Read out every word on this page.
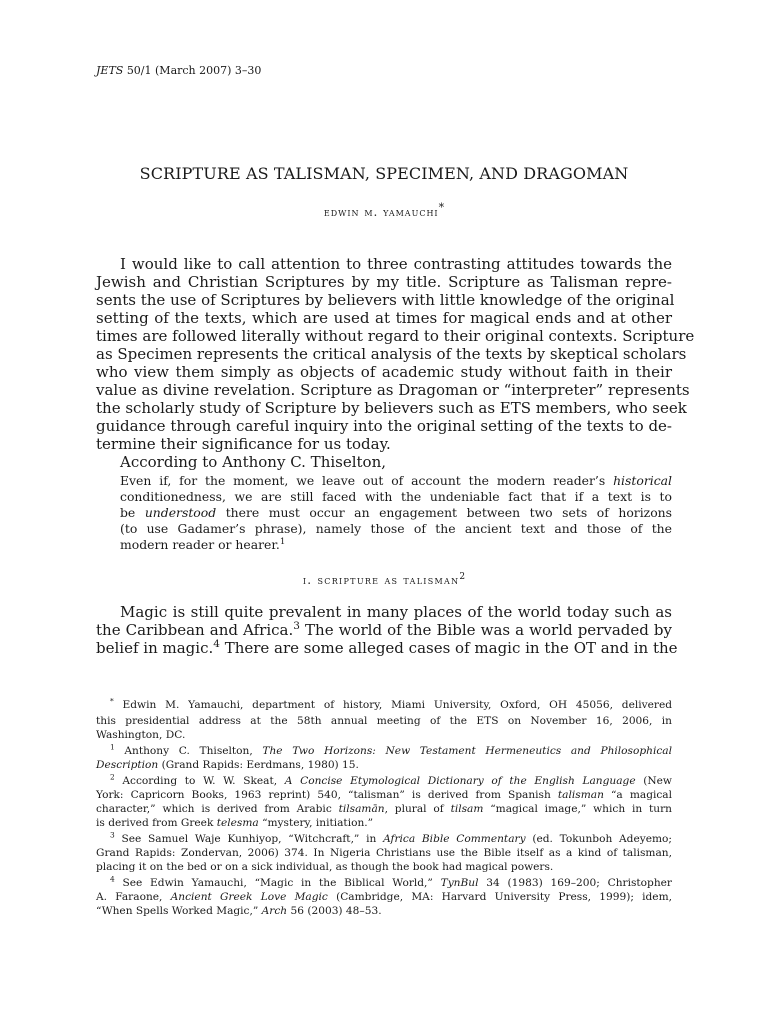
JETS 50/1 (March 2007) 3–30
SCRIPTURE AS TALISMAN, SPECIMEN, AND DRAGOMAN
edwin m. yamauchi*
I would like to call attention to three contrasting attitudes towards the
Jewish and Christian Scriptures by my title. Scripture as Talisman repre-
sents the use of Scriptures by believers with little knowledge of the original
setting of the texts, which are used at times for magical ends and at other
times are followed literally without regard to their original contexts. Scripture
as Specimen represents the critical analysis of the texts by skeptical scholars
who view them simply as objects of academic study without faith in their
value as divine revelation. Scripture as Dragoman or “interpreter” represents
the scholarly study of Scripture by believers such as ETS members, who seek
guidance through careful inquiry into the original setting of the texts to de-
termine their significance for us today.
According to Anthony C. Thiselton,
Even if, for the moment, we leave out of account the modern reader’s historical
conditionedness, we are still faced with the undeniable fact that if a text is to
be understood there must occur an engagement between two sets of horizons
(to use Gadamer’s phrase), namely those of the ancient text and those of the
modern reader or hearer.$^1$
i. scripture as talisman$^2$
Magic is still quite prevalent in many places of the world today such as
the Caribbean and Africa.$^3$ The world of the Bible was a world pervaded by
belief in magic.$^4$ There are some alleged cases of magic in the OT and in the
* Edwin M. Yamauchi, department of history, Miami University, Oxford, OH 45056, delivered
this presidential address at the 58th annual meeting of the ETS on November 16, 2006, in
Washington, DC.
$^1$ Anthony C. Thiselton, The Two Horizons: New Testament Hermeneutics and Philosophical
Description (Grand Rapids: Eerdmans, 1980) 15.
$^2$ According to W. W. Skeat, A Concise Etymological Dictionary of the English Language (New
York: Capricorn Books, 1963 reprint) 540, “talisman” is derived from Spanish talisman “a magical
character,” which is derived from Arabic tilsamān, plural of tilsam “magical image,” which in turn
is derived from Greek telesma “mystery, initiation.”
$^3$ See Samuel Waje Kunhiyop, “Witchcraft,” in Africa Bible Commentary (ed. Tokunboh Adeyemo;
Grand Rapids: Zondervan, 2006) 374. In Nigeria Christians use the Bible itself as a kind of talisman,
placing it on the bed or on a sick individual, as though the book had magical powers.
$^4$ See Edwin Yamauchi, “Magic in the Biblical World,” TynBul 34 (1983) 169–200; Christopher
A. Faraone, Ancient Greek Love Magic (Cambridge, MA: Harvard University Press, 1999); idem,
“When Spells Worked Magic,” Arch 56 (2003) 48–53.
